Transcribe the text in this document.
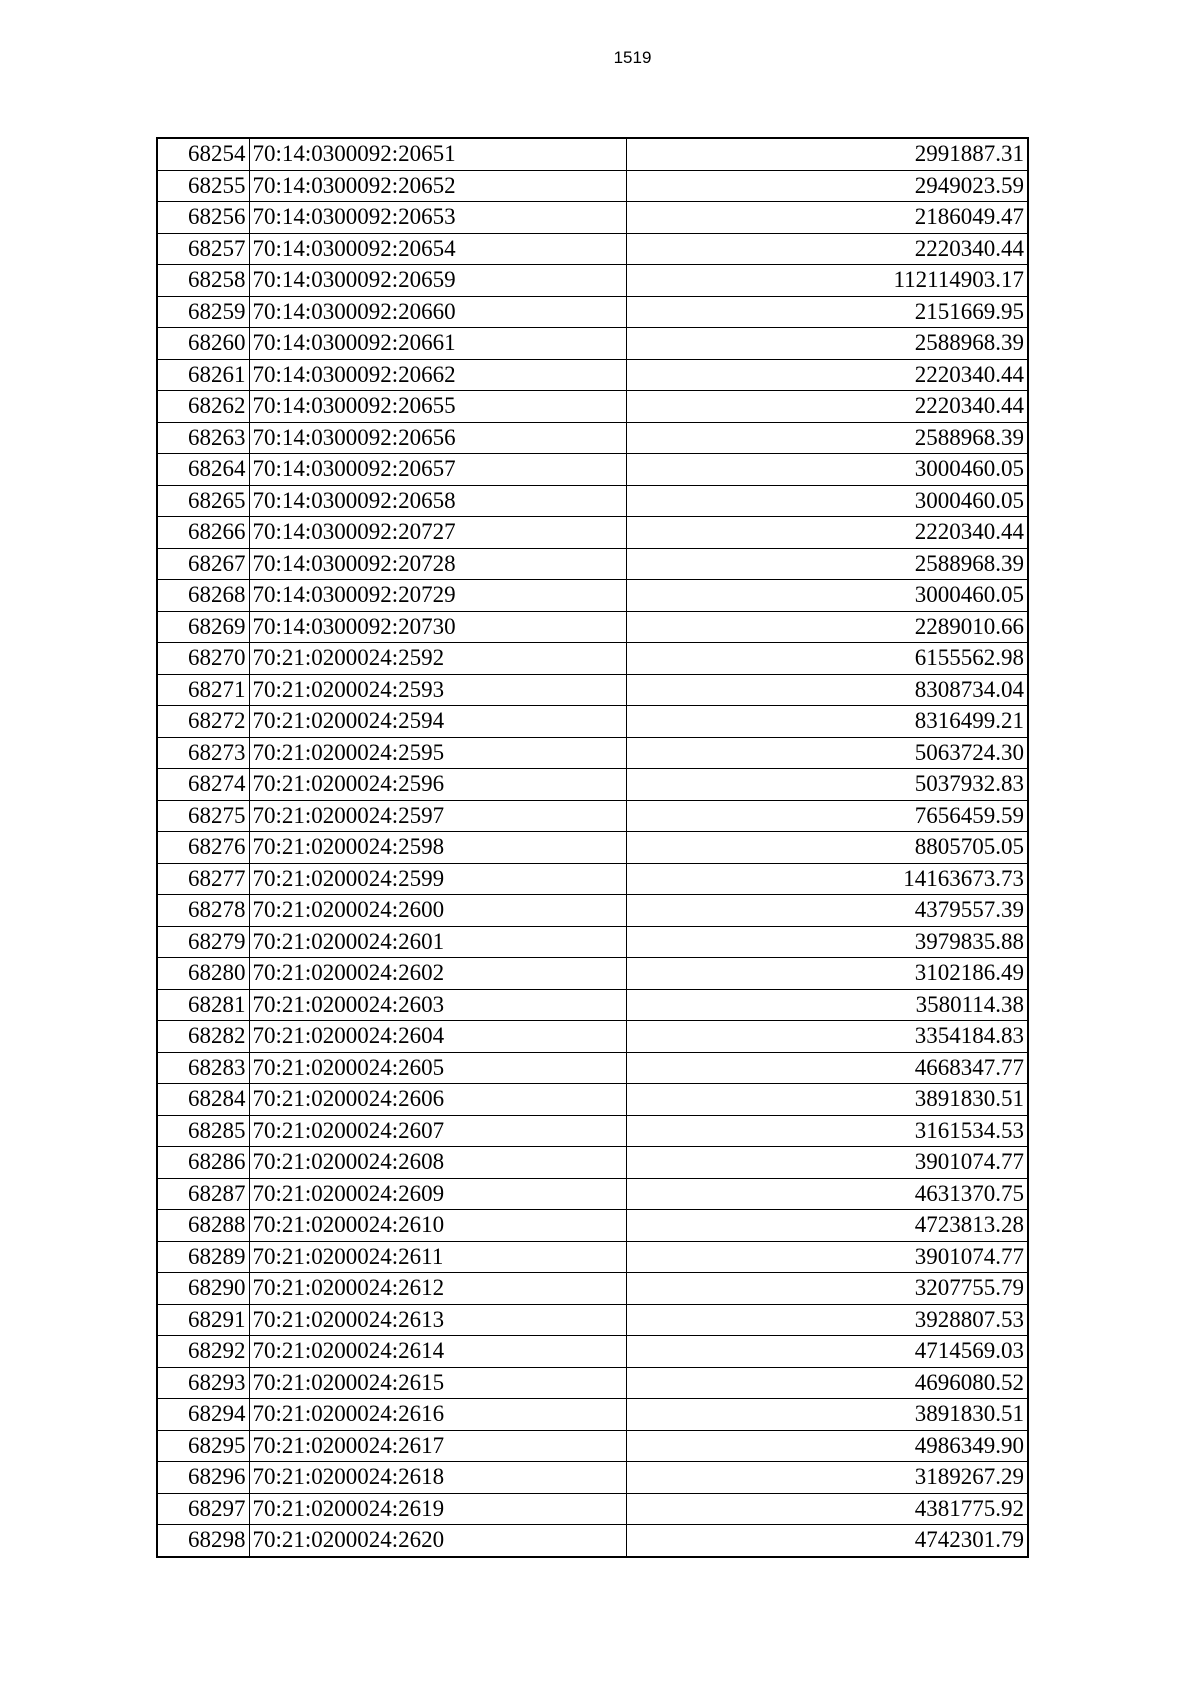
1519
68254	70:14:0300092:20651	2991887.31
68255	70:14:0300092:20652	2949023.59
68256	70:14:0300092:20653	2186049.47
68257	70:14:0300092:20654	2220340.44
68258	70:14:0300092:20659	112114903.17
68259	70:14:0300092:20660	2151669.95
68260	70:14:0300092:20661	2588968.39
68261	70:14:0300092:20662	2220340.44
68262	70:14:0300092:20655	2220340.44
68263	70:14:0300092:20656	2588968.39
68264	70:14:0300092:20657	3000460.05
68265	70:14:0300092:20658	3000460.05
68266	70:14:0300092:20727	2220340.44
68267	70:14:0300092:20728	2588968.39
68268	70:14:0300092:20729	3000460.05
68269	70:14:0300092:20730	2289010.66
68270	70:21:0200024:2592	6155562.98
68271	70:21:0200024:2593	8308734.04
68272	70:21:0200024:2594	8316499.21
68273	70:21:0200024:2595	5063724.30
68274	70:21:0200024:2596	5037932.83
68275	70:21:0200024:2597	7656459.59
68276	70:21:0200024:2598	8805705.05
68277	70:21:0200024:2599	14163673.73
68278	70:21:0200024:2600	4379557.39
68279	70:21:0200024:2601	3979835.88
68280	70:21:0200024:2602	3102186.49
68281	70:21:0200024:2603	3580114.38
68282	70:21:0200024:2604	3354184.83
68283	70:21:0200024:2605	4668347.77
68284	70:21:0200024:2606	3891830.51
68285	70:21:0200024:2607	3161534.53
68286	70:21:0200024:2608	3901074.77
68287	70:21:0200024:2609	4631370.75
68288	70:21:0200024:2610	4723813.28
68289	70:21:0200024:2611	3901074.77
68290	70:21:0200024:2612	3207755.79
68291	70:21:0200024:2613	3928807.53
68292	70:21:0200024:2614	4714569.03
68293	70:21:0200024:2615	4696080.52
68294	70:21:0200024:2616	3891830.51
68295	70:21:0200024:2617	4986349.90
68296	70:21:0200024:2618	3189267.29
68297	70:21:0200024:2619	4381775.92
68298	70:21:0200024:2620	4742301.79
